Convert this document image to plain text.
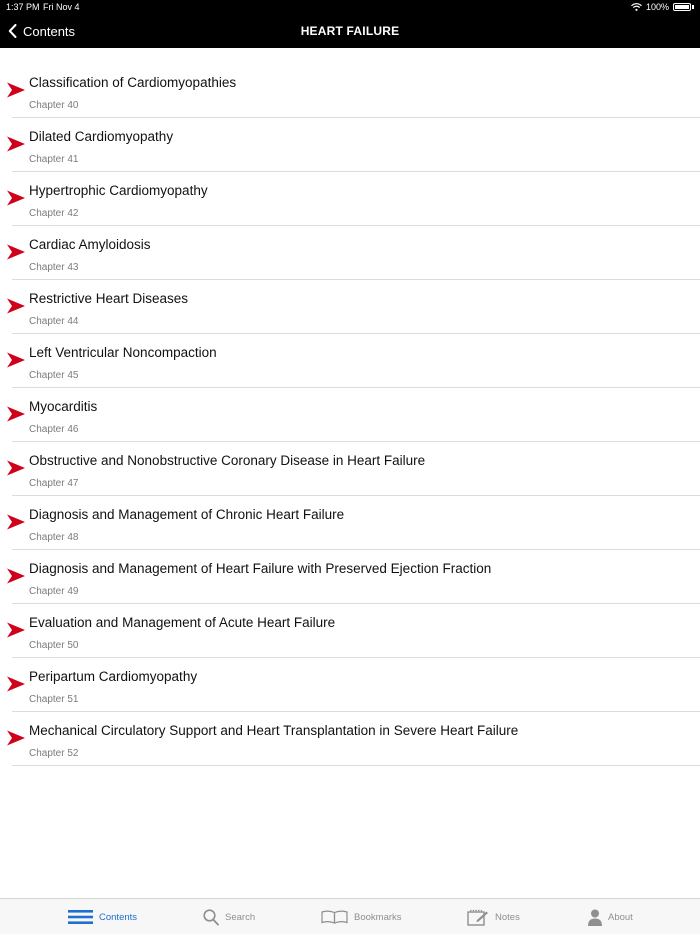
1:37 PM Fri Nov 4	100%
HEART FAILURE
Contents
Classification of Cardiomyopathies
Chapter 40
Dilated Cardiomyopathy
Chapter 41
Hypertrophic Cardiomyopathy
Chapter 42
Cardiac Amyloidosis
Chapter 43
Restrictive Heart Diseases
Chapter 44
Left Ventricular Noncompaction
Chapter 45
Myocarditis
Chapter 46
Obstructive and Nonobstructive Coronary Disease in Heart Failure
Chapter 47
Diagnosis and Management of Chronic Heart Failure
Chapter 48
Diagnosis and Management of Heart Failure with Preserved Ejection Fraction
Chapter 49
Evaluation and Management of Acute Heart Failure
Chapter 50
Peripartum Cardiomyopathy
Chapter 51
Mechanical Circulatory Support and Heart Transplantation in Severe Heart Failure
Chapter 52
Contents	Search	Bookmarks	Notes	About
